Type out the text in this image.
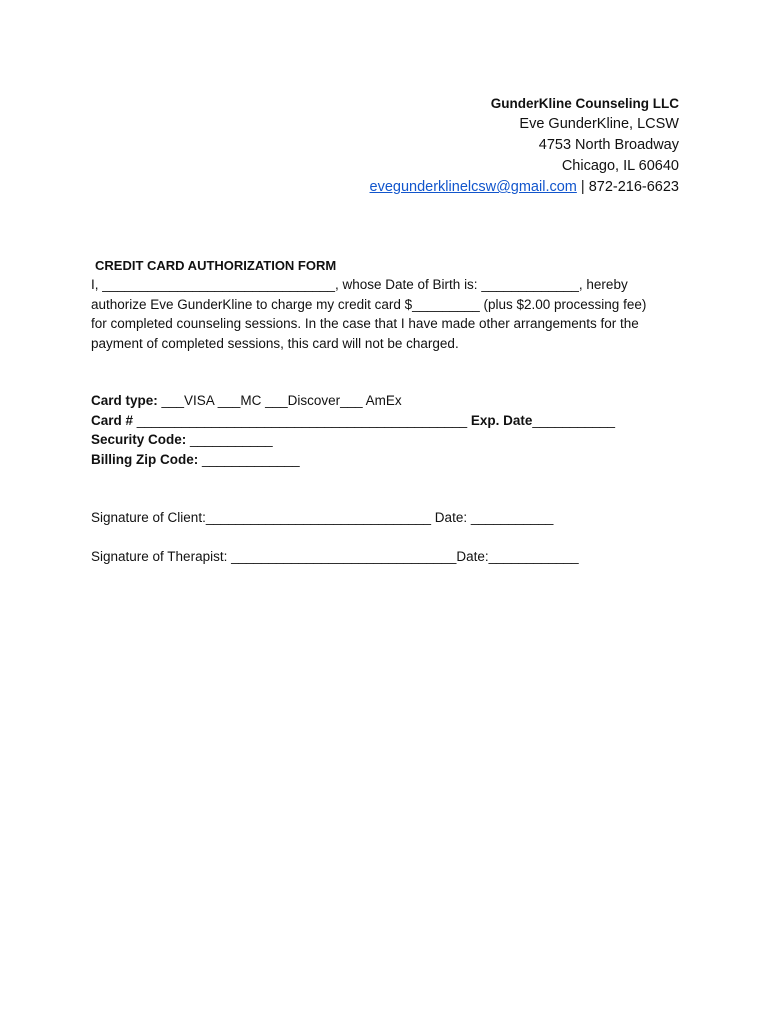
GunderKline Counseling LLC
Eve GunderKline, LCSW
4753 North Broadway
Chicago, IL 60640
evegunderklinelcsw@gmail.com | 872-216-6623
CREDIT CARD AUTHORIZATION FORM
I, _______________________________, whose Date of Birth is: _____________, hereby
authorize Eve GunderKline to charge my credit card $_________ (plus $2.00 processing fee)
for completed counseling sessions. In the case that I have made other arrangements for the
payment of completed sessions, this card will not be charged.
Card type: ___VISA ___MC ___Discover___ AmEx
Card # ____________________________________________ Exp. Date___________
Security Code: ___________
Billing Zip Code: _____________
Signature of Client:______________________________ Date: ___________
Signature of Therapist: ______________________________Date:____________
